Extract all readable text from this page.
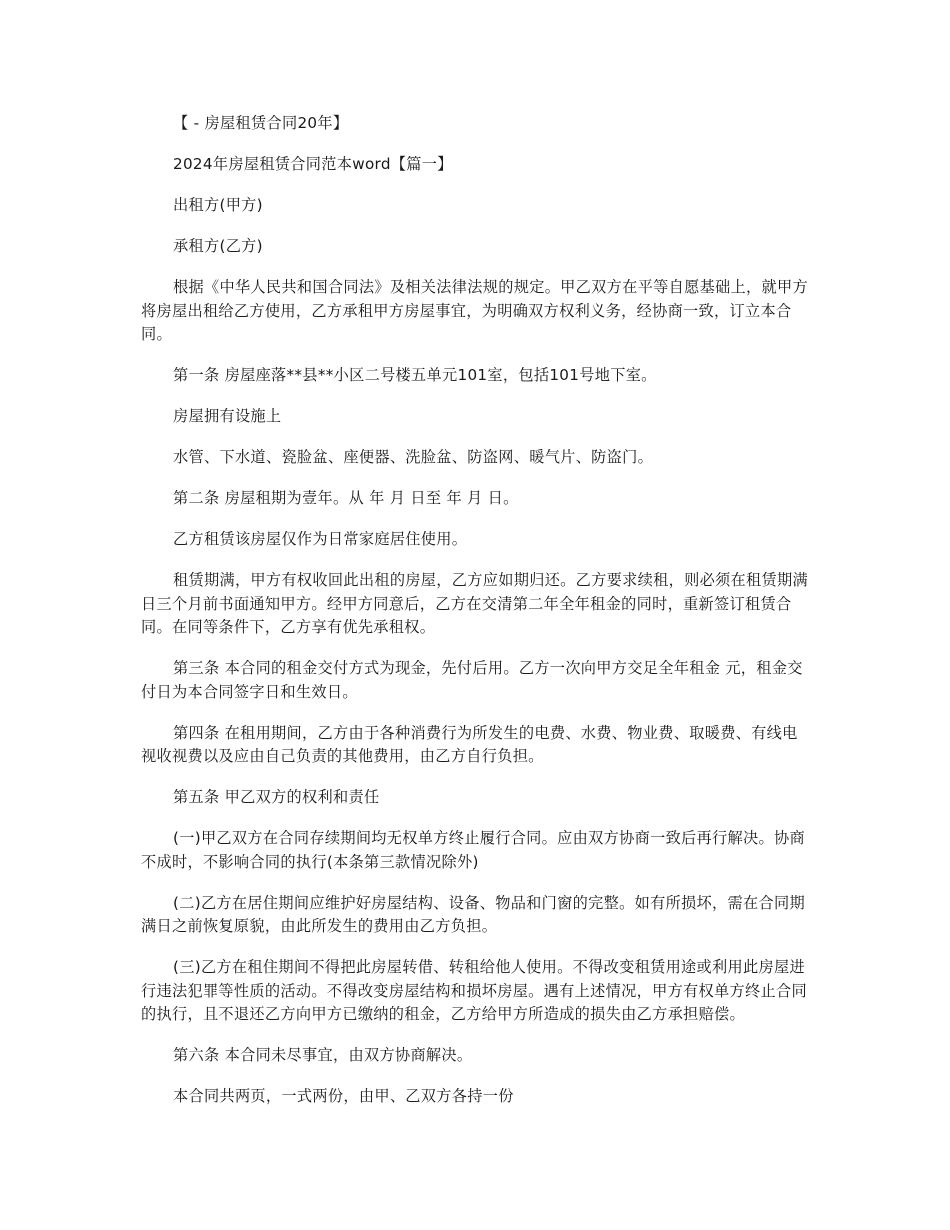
【 - 房屋租赁合同20年】

2024年房屋租赁合同范本word【篇一】

出租方(甲方)

承租方(乙方)

根据《中华人民共和国合同法》及相关法律法规的规定。甲乙双方在平等自愿基础上，就甲方将房屋出租给乙方使用，乙方承租甲方房屋事宜，为明确双方权利义务，经协商一致，订立本合同。

第一条 房屋座落**县**小区二号楼五单元101室，包括101号地下室。

房屋拥有设施上

水管、下水道、瓷脸盆、座便器、洗脸盆、防盗网、暖气片、防盗门。

第二条 房屋租期为壹年。从 年 月 日至 年 月 日。

乙方租赁该房屋仅作为日常家庭居住使用。

租赁期满，甲方有权收回此出租的房屋，乙方应如期归还。乙方要求续租，则必须在租赁期满日三个月前书面通知甲方。经甲方同意后，乙方在交清第二年全年租金的同时，重新签订租赁合同。在同等条件下，乙方享有优先承租权。

第三条 本合同的租金交付方式为现金，先付后用。乙方一次向甲方交足全年租金 元，租金交付日为本合同签字日和生效日。

第四条 在租用期间，乙方由于各种消费行为所发生的电费、水费、物业费、取暖费、有线电视收视费以及应由自己负责的其他费用，由乙方自行负担。

第五条 甲乙双方的权利和责任

(一)甲乙双方在合同存续期间均无权单方终止履行合同。应由双方协商一致后再行解决。协商不成时，不影响合同的执行(本条第三款情况除外)

(二)乙方在居住期间应维护好房屋结构、设备、物品和门窗的完整。如有所损坏，需在合同期满日之前恢复原貌，由此所发生的费用由乙方负担。

(三)乙方在租住期间不得把此房屋转借、转租给他人使用。不得改变租赁用途或利用此房屋进行违法犯罪等性质的活动。不得改变房屋结构和损坏房屋。遇有上述情况，甲方有权单方终止合同的执行，且不退还乙方向甲方已缴纳的租金，乙方给甲方所造成的损失由乙方承担赔偿。

第六条 本合同未尽事宜，由双方协商解决。

本合同共两页，一式两份，由甲、乙双方各持一份
